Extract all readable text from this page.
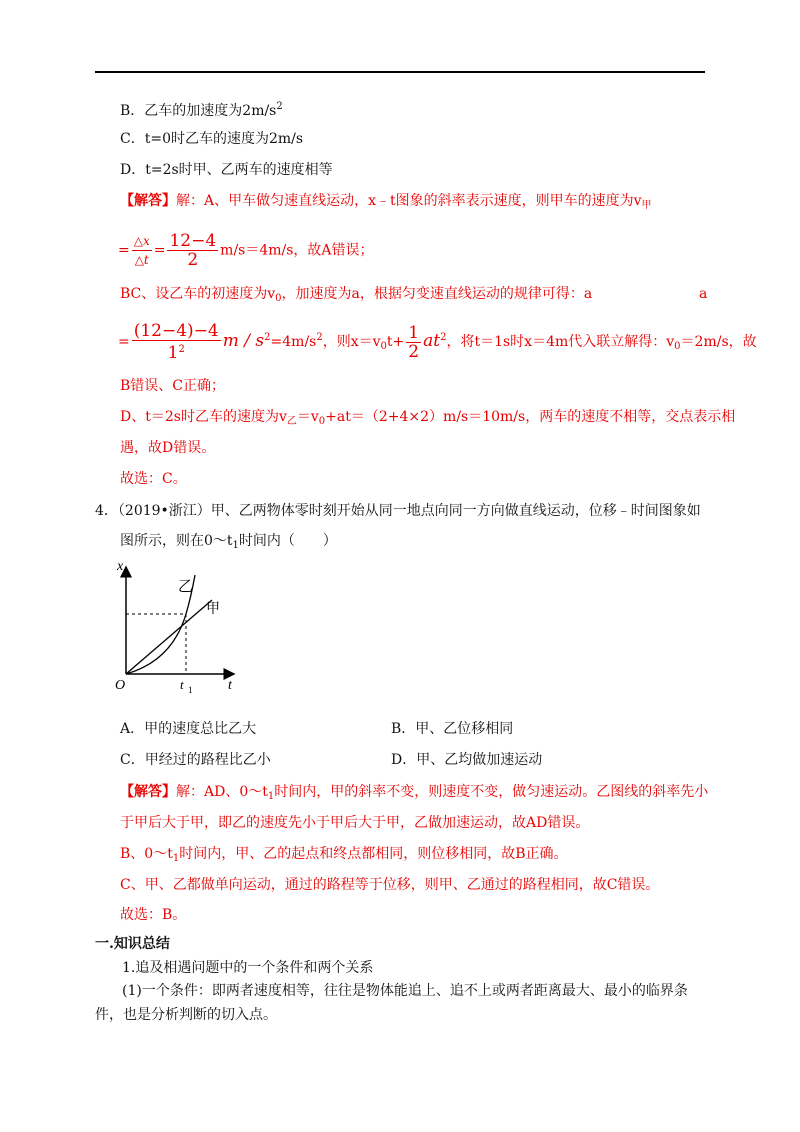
B．乙车的加速度为$2m/s^2$
C．t=0时乙车的速度为2m/s
D．t=2s时甲、乙两车的速度相等
【解答】解：A、甲车做匀速直线运动，x﹣t图象的斜率表示速度，则甲车的速度为$v_甲$
= $\frac{\triangle x}{\triangle t} = \frac{12-4}{2} m/s=4m/s$，故A错误；
BC、设乙车的初速度为$v_0$，加速度为a，根据匀变速直线运动的规律可得：a	a
= $\frac{(12-4)-4}{1^2}$ $m / s^2=4m/s^2$，则$x=v_0t+ \frac{1}{2} at^2$，将t＝1s时x＝4m代入联立解得：$v_0=2m/s$，故
B错误、C正确；
D、t＝2s时乙车的速度为$v_乙=v_0+at=(2+4\times 2)m/s=10m/s$，两车的速度不相等，交点表示相
遇，故D错误。
故选：C。
4．（2019•浙江）甲、乙两物体零时刻开始从同一地点向同一方向做直线运动，位移﹣时间图象如
图所示，则在$0\sim t_1$时间内（　　）
x
t
O	t 1
乙
甲
A．甲的速度总比乙大	B．甲、乙位移相同
C．甲经过的路程比乙小	D．甲、乙均做加速运动
【解答】解：AD、$0\sim t_1$时间内，甲的斜率不变，则速度不变，做匀速运动。乙图线的斜率先小
于甲后大于甲，即乙的速度先小于甲后大于甲，乙做加速运动，故AD错误。
B、$0\sim t_1$时间内，甲、乙的起点和终点都相同，则位移相同，故B正确。
C、甲、乙都做单向运动，通过的路程等于位移，则甲、乙通过的路程相同，故C错误。
故选：B。
一.知识总结
1.追及相遇问题中的一个条件和两个关系
(1)一个条件：即两者速度相等，往往是物体能追上、追不上或两者距离最大、最小的临界条
件，也是分析判断的切入点。
